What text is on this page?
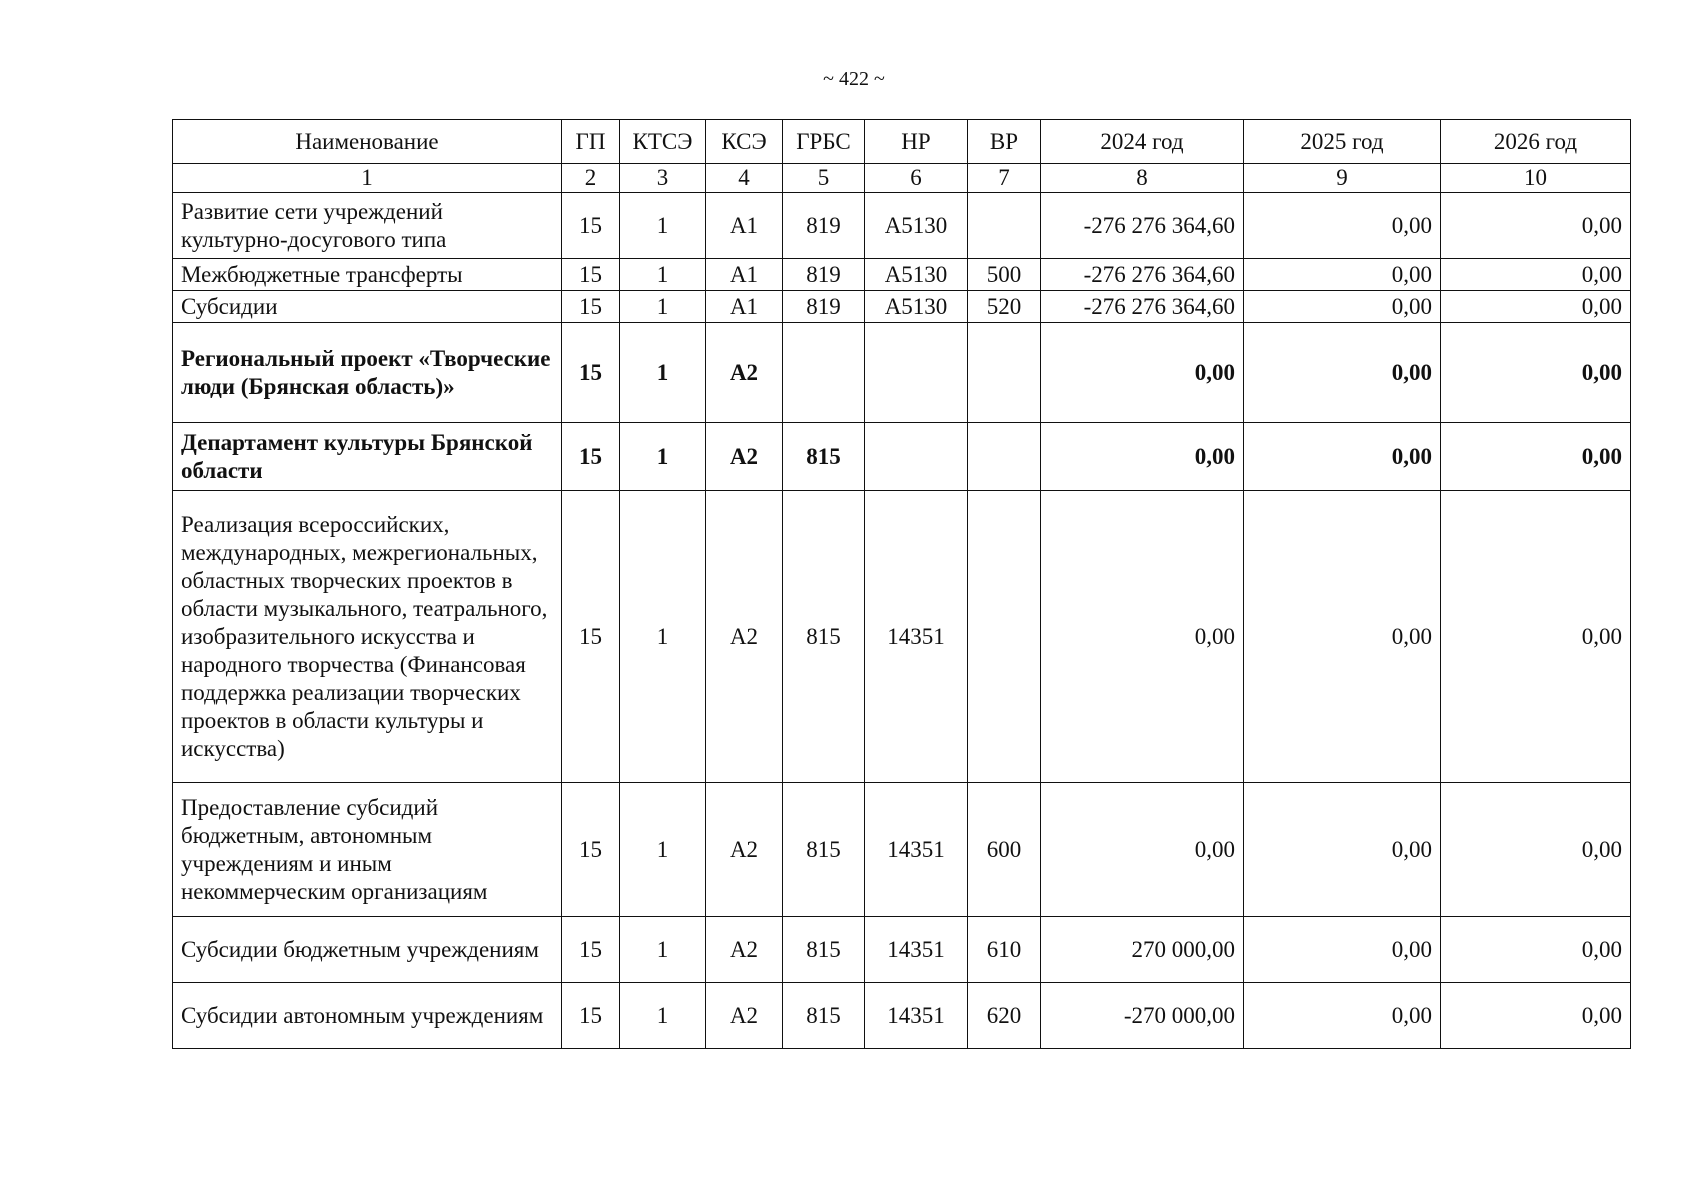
~ 422 ~
Наименование	ГП	КТСЭ	КСЭ	ГРБС	НР	ВР	2024 год	2025 год	2026 год
1	2	3	4	5	6	7	8	9	10
Развитие сети учреждений культурно-досугового типа	15	1	А1	819	А5130		-276 276 364,60	0,00	0,00
Межбюджетные трансферты	15	1	А1	819	А5130	500	-276 276 364,60	0,00	0,00
Субсидии	15	1	А1	819	А5130	520	-276 276 364,60	0,00	0,00
Региональный проект «Творческие люди (Брянская область)»	15	1	А2				0,00	0,00	0,00
Департамент культуры Брянской области	15	1	А2	815			0,00	0,00	0,00
Реализация всероссийских, международных, межрегиональных, областных творческих проектов в области музыкального, театрального, изобразительного искусства и народного творчества (Финансовая поддержка реализации творческих проектов в области культуры и искусства)	15	1	А2	815	14351		0,00	0,00	0,00
Предоставление субсидий бюджетным, автономным учреждениям и иным некоммерческим организациям	15	1	А2	815	14351	600	0,00	0,00	0,00
Субсидии бюджетным учреждениям	15	1	А2	815	14351	610	270 000,00	0,00	0,00
Субсидии автономным учреждениям	15	1	А2	815	14351	620	-270 000,00	0,00	0,00
